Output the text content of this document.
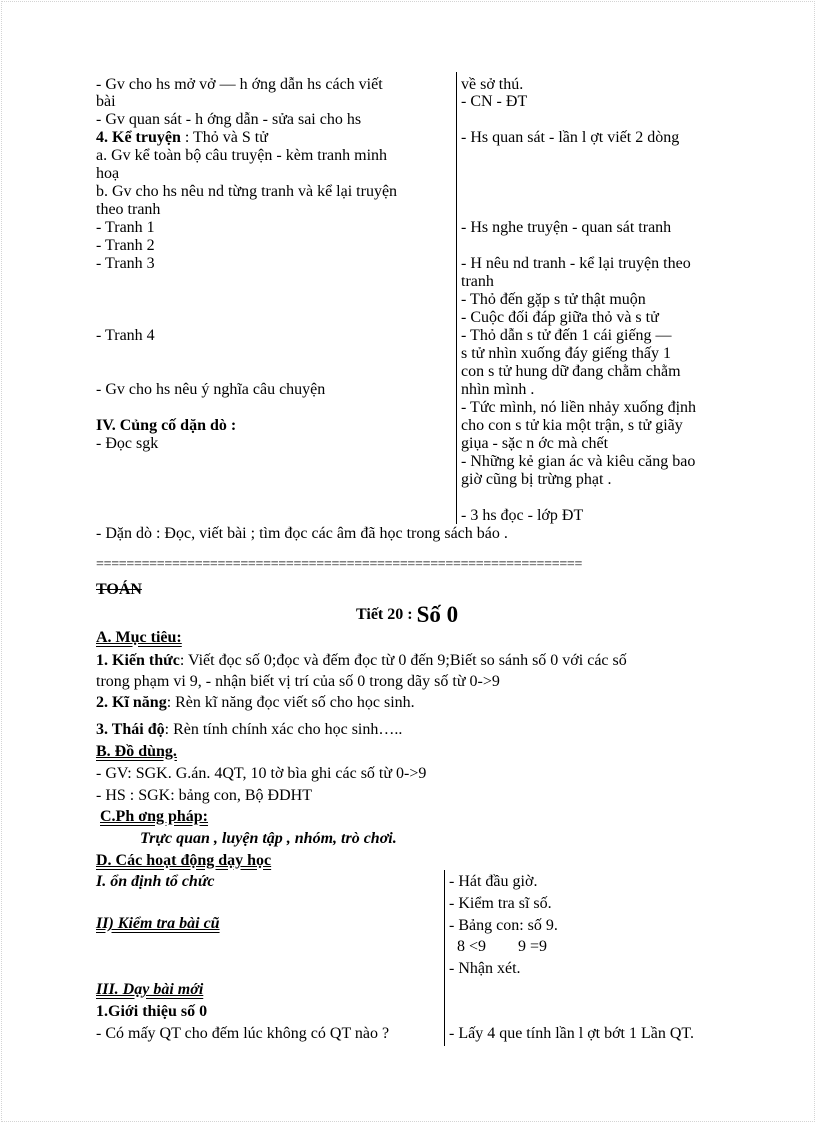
- Gv cho hs mở vở — h ớng dẫn hs cách viết
bài
- Gv quan sát - h ớng dẫn - sửa sai cho hs
4. Kể truyện : Thỏ và S tử
a. Gv kể toàn bộ câu truyện - kèm tranh minh
hoạ
b. Gv cho hs nêu nd từng tranh và kể lại truyện
theo tranh
- Tranh 1
- Tranh 2
- Tranh 3
- Tranh 4
- Gv cho hs nêu ý nghĩa câu chuyện
IV. Củng cố dặn dò :
- Đọc sgk
về sở thú.
- CN - ĐT
- Hs quan sát - lần l ợt viết 2 dòng
- Hs nghe truyện - quan sát tranh
- H nêu nd tranh - kể lại truyện theo
tranh
- Thỏ đến gặp s tử thật muộn
- Cuộc đối đáp giữa thỏ và s tử
- Thỏ dẫn s tử đến 1 cái giếng —
s tử nhìn xuống đáy giếng thấy 1
con s tử hung dữ đang chằm chằm
nhìn mình .
- Tức mình, nó liền nhảy xuống định
cho con s tử kia một trận, s tử giãy
giụa - sặc n ớc mà chết
- Những kẻ gian ác và kiêu căng bao
giờ cũng bị trừng phạt .
- 3 hs đọc - lớp ĐT
- Dặn dò : Đọc, viết bài ; tìm đọc các âm đã học trong sách báo .
================================================================
TOÁN
Tiết 20 : Số 0
A. Mục tiêu:
1. Kiến thức: Viết đọc số 0;đọc và đếm đọc từ 0 đến 9;Biết so sánh số 0 với các số
trong phạm vi 9, - nhận biết vị trí của số 0 trong dãy số từ 0->9
2. Kĩ năng: Rèn kĩ năng đọc viết số cho học sinh.
3. Thái độ: Rèn tính chính xác cho học sinh…..
B. Đồ dùng.
- GV: SGK. G.án. 4QT, 10 tờ bìa ghi các số từ 0->9
- HS : SGK: bảng con, Bộ ĐDHT
C.Ph ơng pháp:
Trực quan , luyện tập , nhóm, trò chơi.
D. Các hoạt động dạy học
I. ổn định tổ chức
II) Kiểm tra bài cũ
III. Dạy bài mới
1.Giới thiệu số 0
- Có mấy QT cho đếm lúc không có QT nào ?
- Hát đầu giờ.
- Kiểm tra sĩ số.
- Bảng con: số 9.
8 <9        9 =9
- Nhận xét.
- Lấy 4 que tính lần l ợt bớt 1 Lần QT.
